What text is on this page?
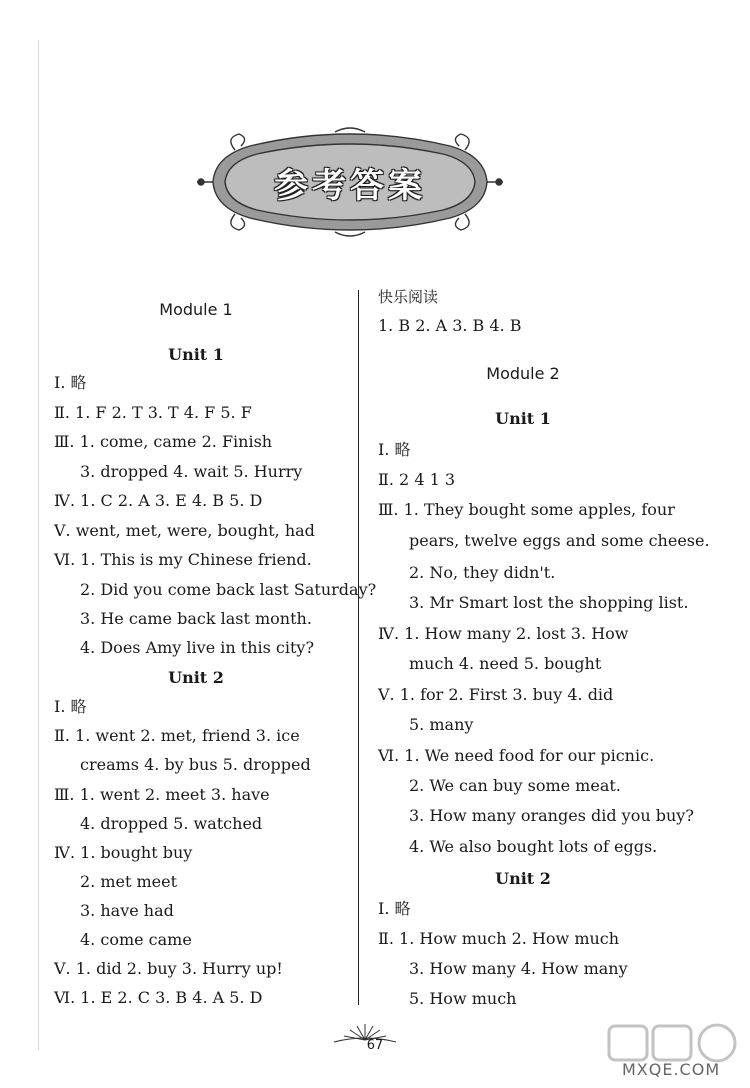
参考答案
Module 1
Unit 1
Ⅰ. 略
Ⅱ. 1. F 2. T 3. T 4. F 5. F
Ⅲ. 1. come, came 2. Finish
3. dropped 4. wait 5. Hurry
Ⅳ. 1. C 2. A 3. E 4. B 5. D
Ⅴ. went, met, were, bought, had
Ⅵ. 1. This is my Chinese friend.
2. Did you come back last Saturday?
3. He came back last month.
4. Does Amy live in this city?
Unit 2
Ⅰ. 略
Ⅱ. 1. went 2. met, friend 3. ice
creams 4. by bus 5. dropped
Ⅲ. 1. went 2. meet 3. have
4. dropped 5. watched
Ⅳ. 1. bought buy
2. met meet
3. have had
4. come came
Ⅴ. 1. did 2. buy 3. Hurry up!
Ⅵ. 1. E 2. C 3. B 4. A 5. D
快乐阅读
1. B 2. A 3. B 4. B
Module 2
Unit 1
Ⅰ. 略
Ⅱ. 2 4 1 3
Ⅲ. 1. They bought some apples, four
pears, twelve eggs and some cheese.
2. No, they didn't.
3. Mr Smart lost the shopping list.
Ⅳ. 1. How many 2. lost 3. How
much 4. need 5. bought
Ⅴ. 1. for 2. First 3. buy 4. did
5. many
Ⅵ. 1. We need food for our picnic.
2. We can buy some meat.
3. How many oranges did you buy?
4. We also bought lots of eggs.
Unit 2
Ⅰ. 略
Ⅱ. 1. How much 2. How much
3. How many 4. How many
5. How much
67
MXQE.COM
